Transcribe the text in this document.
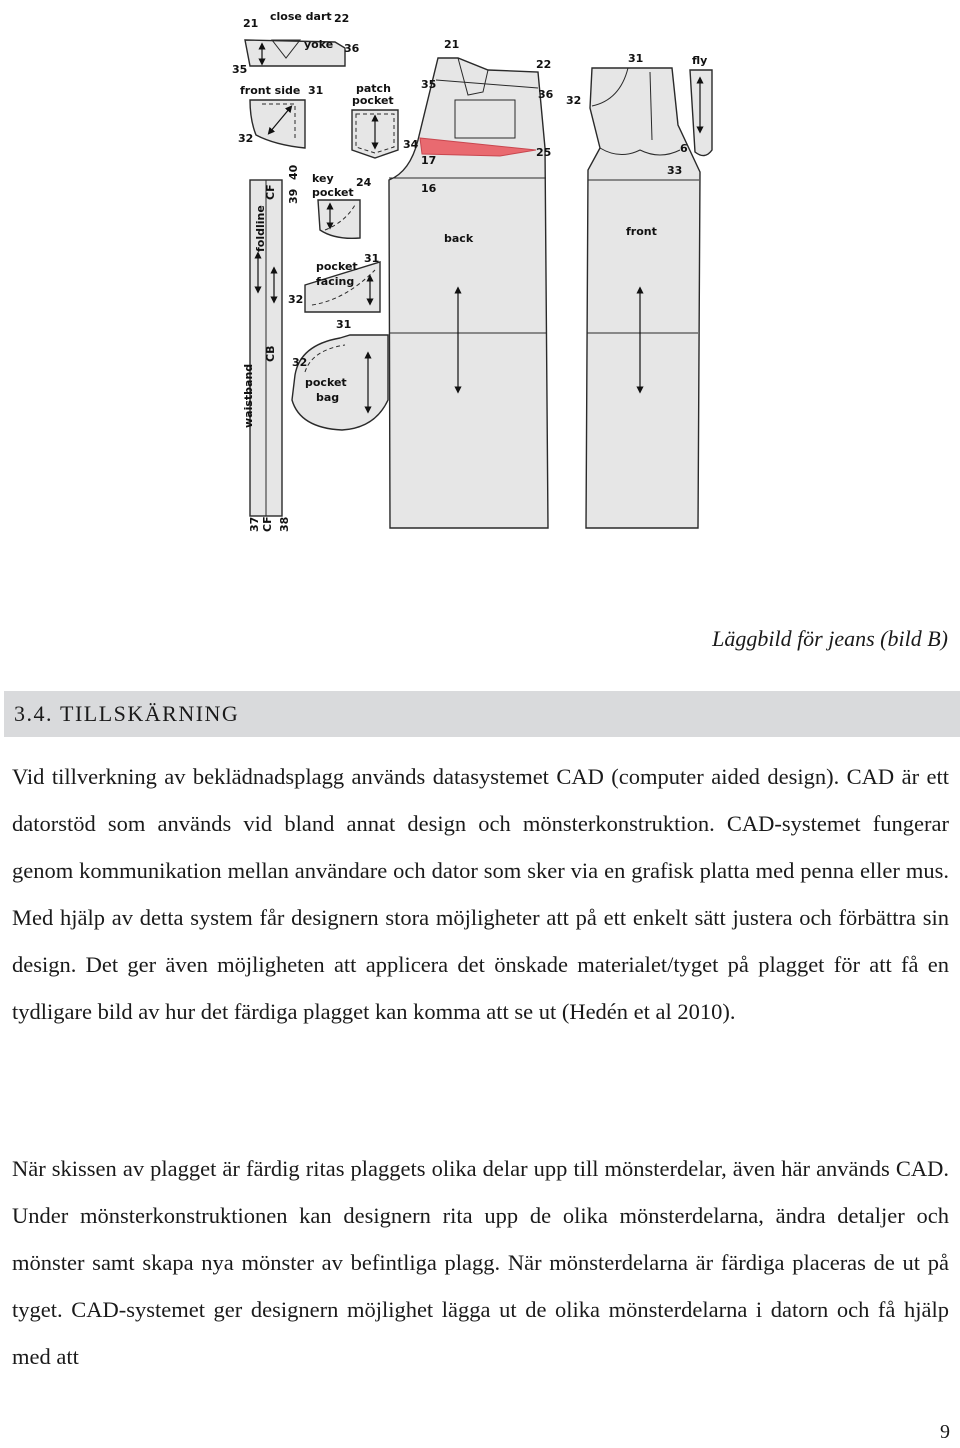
21
close dart 22
yoke
35
36
front side 31
32
patch
pocket
foldline
CF
CB
waistband
39
40
37 CF 38
key
pocket
pocket
facing
31
32
pocket
bag
31
32
21
22
35
36
34
17
16
24
25
back
31
32
6
33
front
fly
Läggbild för jeans (bild B)
3.4.
TILLSKÄRNING

Vid tillverkning av beklädnadsplagg används datasystemet CAD (computer aided design). CAD är ett datorstöd som används vid bland annat design och mönsterkonstruktion. CAD-systemet fungerar genom kommunikation mellan användare och dator som sker via en grafisk platta med penna eller mus. Med hjälp av detta system får designern stora möjligheter att på ett enkelt sätt justera och förbättra sin design. Det ger även möjligheten att applicera det önskade materialet/tyget på plagget för att få en tydligare bild av hur det färdiga plagget kan komma att se ut (Hedén et al 2010).

När skissen av plagget är färdig ritas plaggets olika delar upp till mönsterdelar, även här används CAD. Under mönsterkonstruktionen kan designern rita upp de olika mönsterdelarna, ändra detaljer och mönster samt skapa nya mönster av befintliga plagg. När mönsterdelarna är färdiga placeras de ut på tyget. CAD-systemet ger designern möjlighet lägga ut de olika mönsterdelarna i datorn och få hjälp med att

9
